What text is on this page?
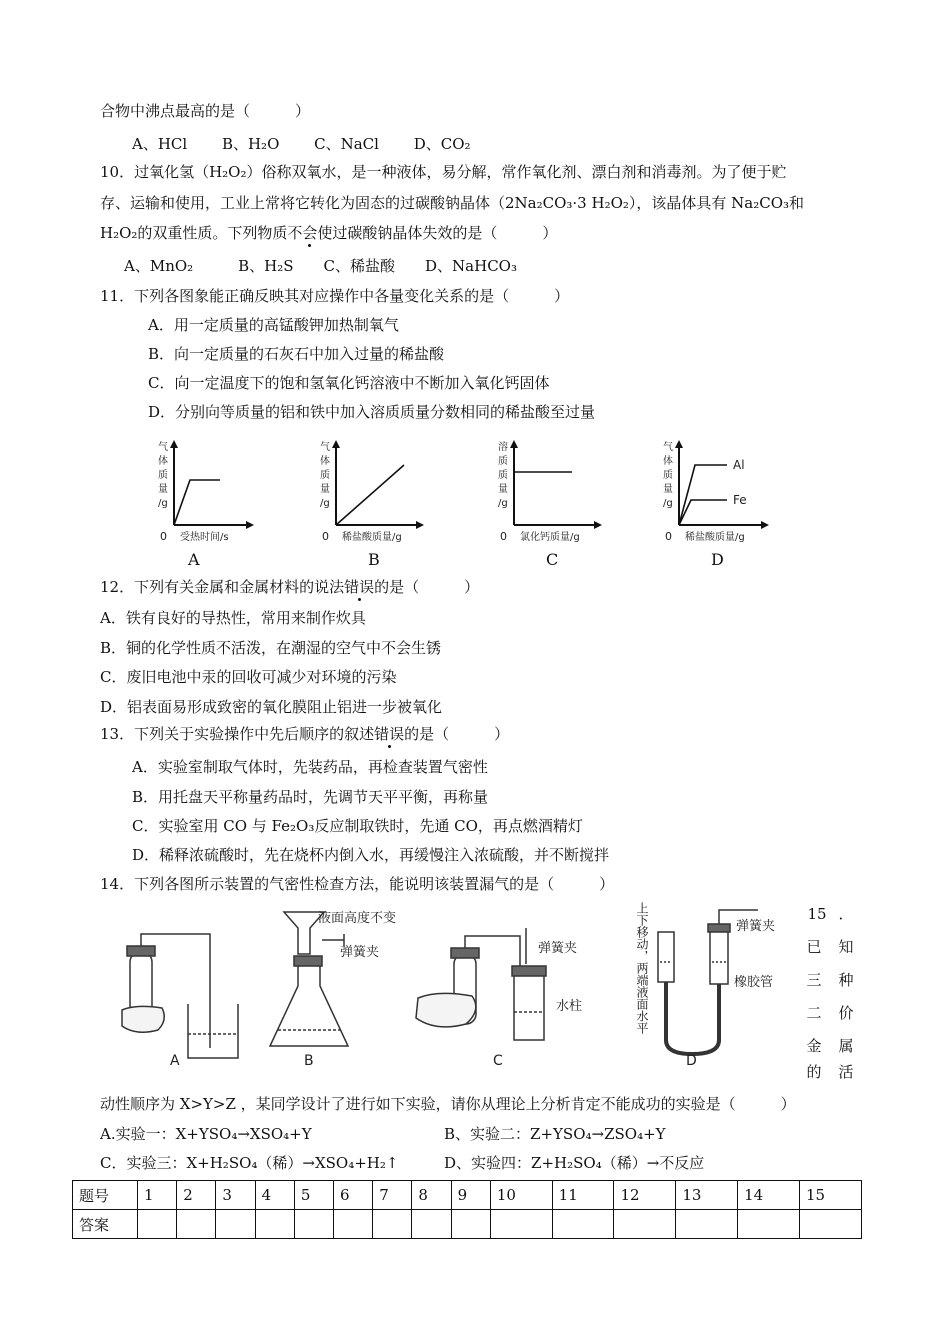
合物中沸点最高的是（　　　）
A、HCl　　 B、H₂O　　 C、NaCl　　 D、CO₂
10．过氧化氢（H₂O₂）俗称双氧水，是一种液体，易分解，常作氧化剂、漂白剂和消毒剂。为了便于贮
存、运输和使用，工业上常将它转化为固态的过碳酸钠晶体（2Na₂CO₃·3 H₂O₂），该晶体具有 Na₂CO₃和
H₂O₂的双重性质。下列物质不会使过碳酸钠晶体失效的是（　　　）
A、MnO₂　　　B、H₂S　　C、稀盐酸　　D、NaHCO₃
11．下列各图象能正确反映其对应操作中各量变化关系的是（　　　）
A．用一定质量的高锰酸钾加热制氧气
B．向一定质量的石灰石中加入过量的稀盐酸
C．向一定温度下的饱和氢氧化钙溶液中不断加入氧化钙固体
D．分别向等质量的铝和铁中加入溶质质量分数相同的稀盐酸至过量
气
体
质
量
/g
0 受热时间/s
A
气
体
质
量
/g
0 稀盐酸质量/g
B
溶
质
质
量
/g
0 氯化钙质量/g
C
气
体
质
量
/g
Al
Fe
0 稀盐酸质量/g
D
12．下列有关金属和金属材料的说法错误的是（　　　）
A．铁有良好的导热性，常用来制作炊具
B．铜的化学性质不活泼，在潮湿的空气中不会生锈
C．废旧电池中汞的回收可减少对环境的污染
D．铝表面易形成致密的氧化膜阻止铝进一步被氧化
13．下列关于实验操作中先后顺序的叙述错误的是（　　　）
A．实验室制取气体时，先装药品，再检查装置气密性
B．用托盘天平称量药品时，先调节天平平衡，再称量
C．实验室用 CO 与 Fe₂O₃反应制取铁时，先通 CO，再点燃酒精灯
D．稀释浓硫酸时，先在烧杯内倒入水，再缓慢注入浓硫酸，并不断搅拌
14．下列各图所示装置的气密性检查方法，能说明该装置漏气的是（　　　）
A	B
液面高度不变
弹簧夹
C
弹簧夹
水柱
D
弹簧夹
橡胶管
上下移动，两端液面水平	15 ．
已 知
三 种
二 价
金 属
的 活
动性顺序为 X>Y>Z ，某同学设计了进行如下实验，请你从理论上分析肯定不能成功的实验是（　　　）
A.实验一：X+YSO₄→XSO₄+Y	B、实验二：Z+YSO₄→ZSO₄+Y
C．实验三：X+H₂SO₄（稀）→XSO₄+H₂↑	D、实验四：Z+H₂SO₄（稀）→不反应
题号	1	2	3	4	5	6	7	8	9	10	11	12	13	14	15
答案															
